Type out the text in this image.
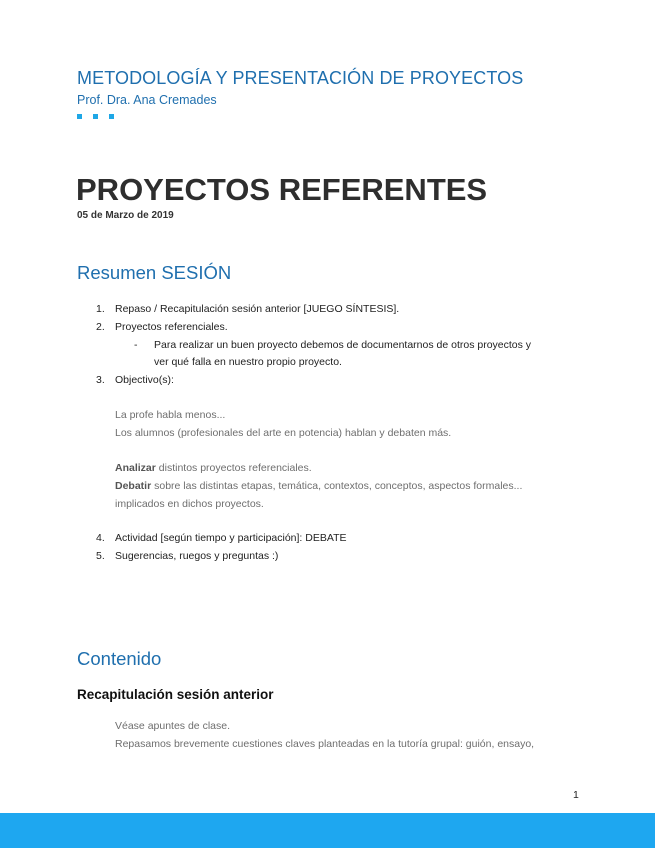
METODOLOGÍA Y PRESENTACIÓN DE PROYECTOS
Prof. Dra. Ana Cremades
PROYECTOS REFERENTES
05 de Marzo de 2019
Resumen SESIÓN
1. Repaso / Recapitulación sesión anterior [JUEGO SÍNTESIS].
2. Proyectos referenciales.
- Para realizar un buen proyecto debemos de documentarnos de otros proyectos y
ver qué falla en nuestro propio proyecto.
3. Objectivo(s):
La profe habla menos...
Los alumnos (profesionales del arte en potencia) hablan y debaten más.
Analizar distintos proyectos referenciales.
Debatir sobre las distintas etapas, temática, contextos, conceptos, aspectos formales...
implicados en dichos proyectos.
4. Actividad [según tiempo y participación]: DEBATE
5. Sugerencias, ruegos y preguntas :)
Contenido
Recapitulación sesión anterior
Véase apuntes de clase.
Repasamos brevemente cuestiones claves planteadas en la tutoría grupal: guión, ensayo,
1
